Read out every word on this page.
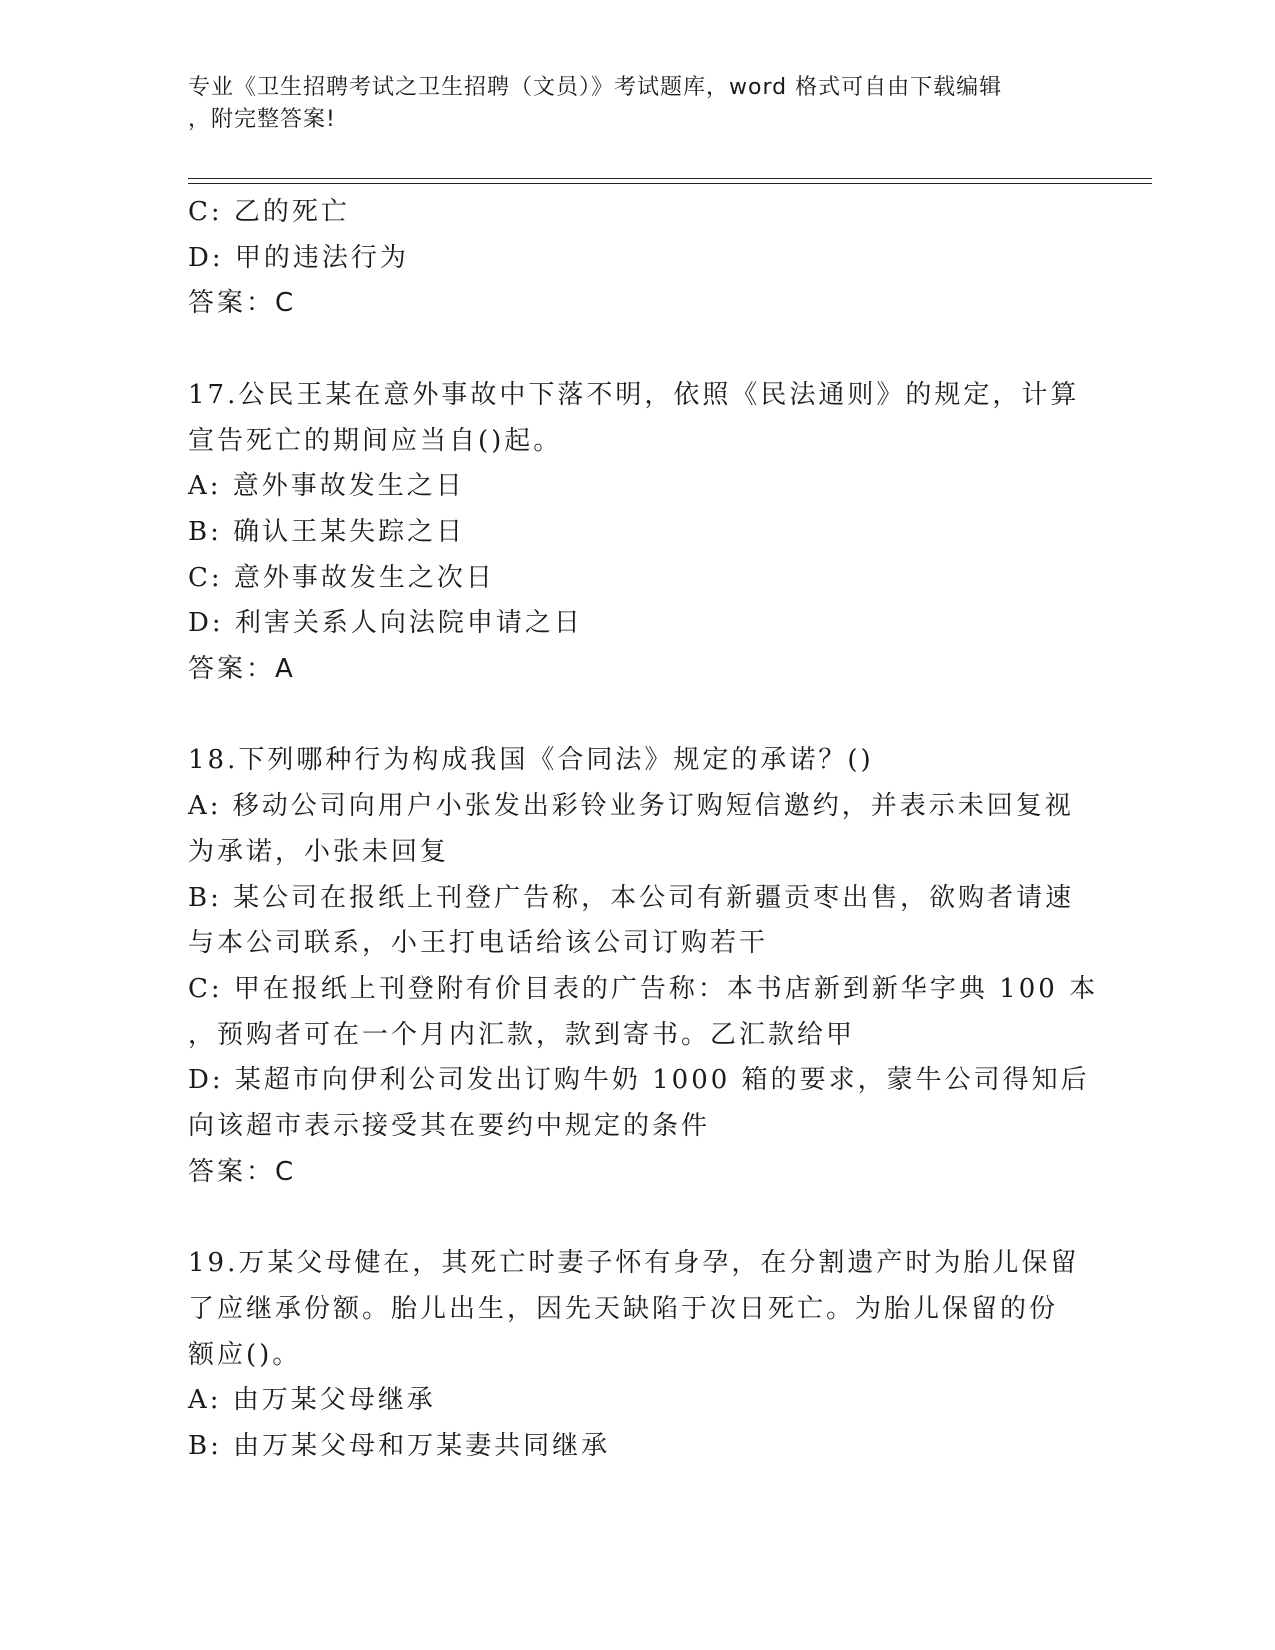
专业《卫生招聘考试之卫生招聘（文员）》考试题库，word 格式可自由下载编辑
，附完整答案!
C: 乙的死亡
D: 甲的违法行为
答案：C
17.公民王某在意外事故中下落不明，依照《民法通则》的规定，计算
宣告死亡的期间应当自()起。
A: 意外事故发生之日
B: 确认王某失踪之日
C: 意外事故发生之次日
D: 利害关系人向法院申请之日
答案：A
18.下列哪种行为构成我国《合同法》规定的承诺？()
A: 移动公司向用户小张发出彩铃业务订购短信邀约，并表示未回复视
为承诺，小张未回复
B: 某公司在报纸上刊登广告称，本公司有新疆贡枣出售，欲购者请速
与本公司联系，小王打电话给该公司订购若干
C: 甲在报纸上刊登附有价目表的广告称：本书店新到新华字典 100 本
，预购者可在一个月内汇款，款到寄书。乙汇款给甲
D: 某超市向伊利公司发出订购牛奶 1000 箱的要求，蒙牛公司得知后
向该超市表示接受其在要约中规定的条件
答案：C
19.万某父母健在，其死亡时妻子怀有身孕，在分割遗产时为胎儿保留
了应继承份额。胎儿出生，因先天缺陷于次日死亡。为胎儿保留的份
额应()。
A: 由万某父母继承
B: 由万某父母和万某妻共同继承
